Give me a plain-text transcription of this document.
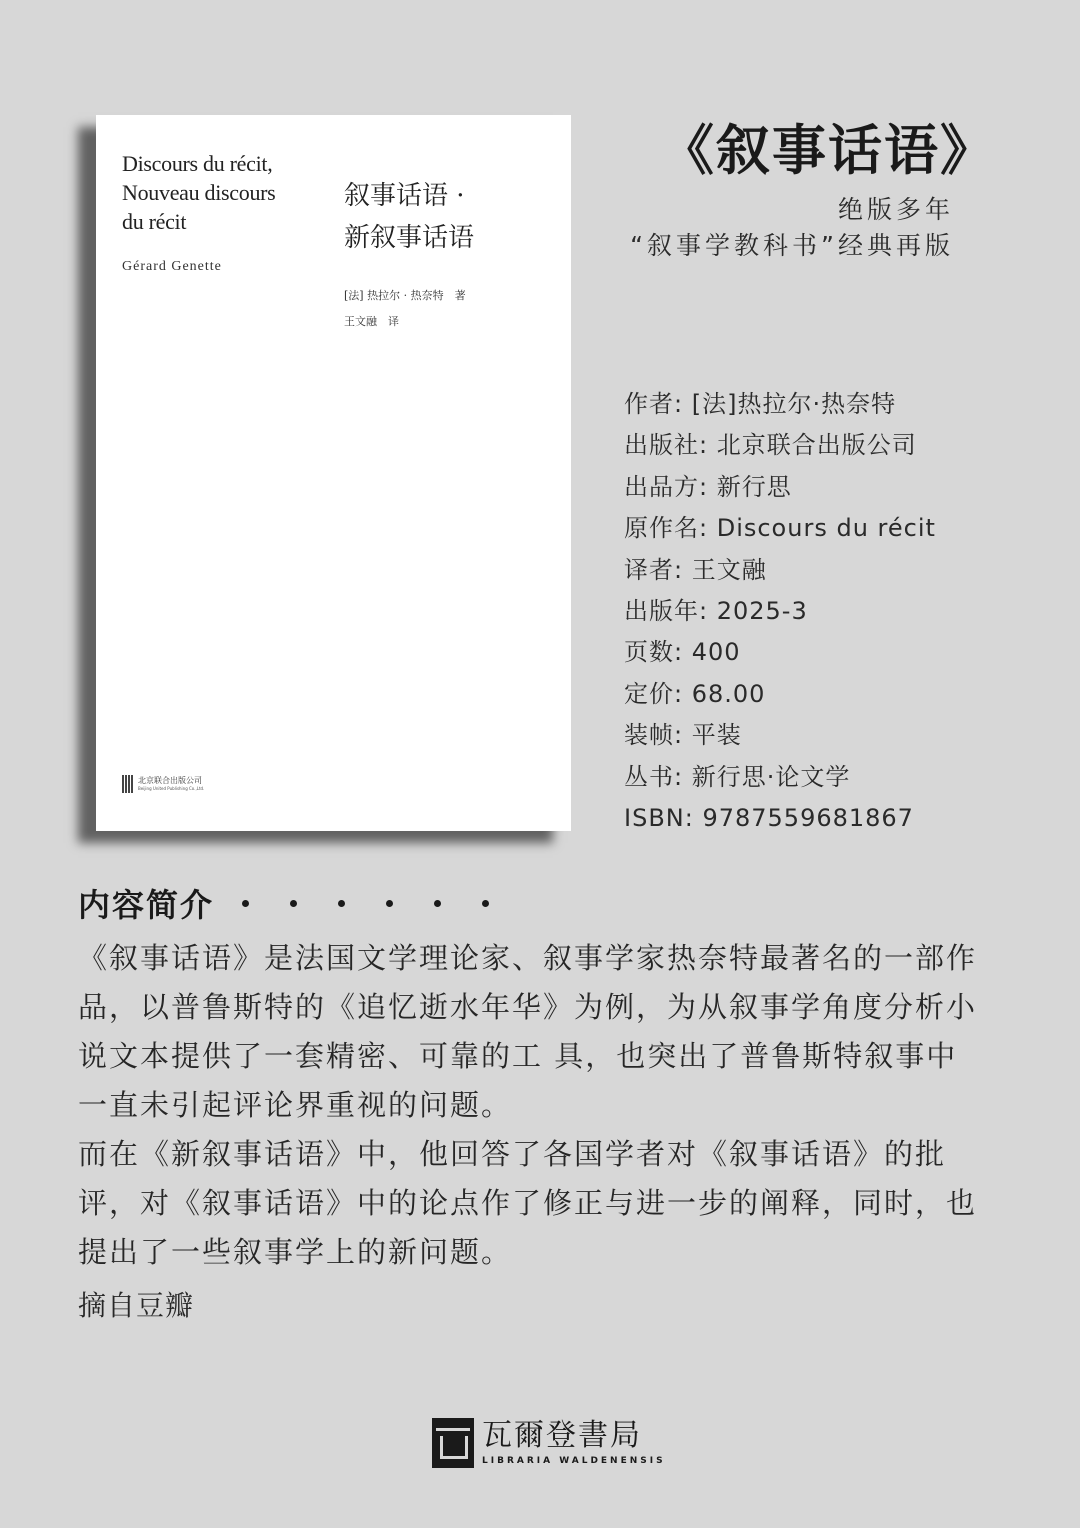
Discours du récit,
Nouveau discours
du récit
Gérard Genette
叙事话语 ·
新叙事话语
[法] 热拉尔 · 热奈特　著
王文融　译
北京联合出版公司
Beijing United Publishing Co.,Ltd.
《叙事话语》
绝版多年
“叙事学教科书”经典再版
作者: [法]热拉尔·热奈特
出版社: 北京联合出版公司
出品方: 新行思
原作名: Discours du récit
译者: 王文融
出版年: 2025-3
页数: 400
定价: 68.00
装帧: 平装
丛书: 新行思·论文学
ISBN: 9787559681867
内容简介

《叙事话语》是法国文学理论家、叙事学家热奈特最著名的一部作品，以普鲁斯特的《追忆逝水年华》为例，为从叙事学角度分析小说文本提供了一套精密、可靠的工 具，也突出了普鲁斯特叙事中一直未引起评论界重视的问题。

而在《新叙事话语》中，他回答了各国学者对《叙事话语》的批评，对《叙事话语》中的论点作了修正与进一步的阐释，同时，也提出了一些叙事学上的新问题。

摘自豆瓣
瓦爾登書局
LIBRARIA WALDENENSIS
